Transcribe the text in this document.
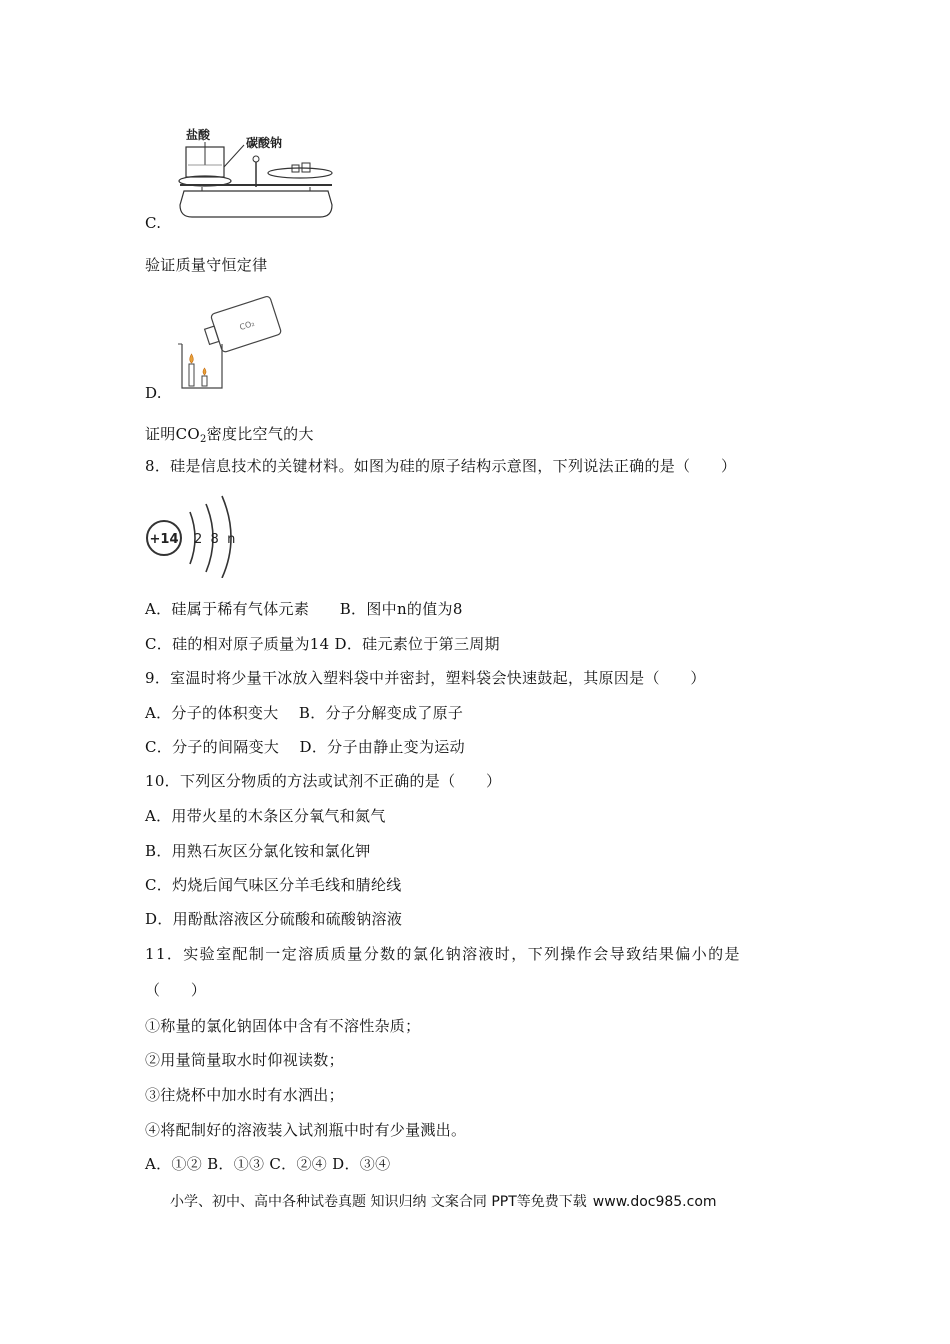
盐酸
碳酸钠
C.
验证质量守恒定律
CO₂
D.
证明$CO_2$密度比空气的大
8．硅是信息技术的关键材料。如图为硅的原子结构示意图，下列说法正确的是（　　）
+14 2  8  n
A．硅属于稀有气体元素　　B．图中n的值为8
C．硅的相对原子质量为14 D．硅元素位于第三周期
9．室温时将少量干冰放入塑料袋中并密封，塑料袋会快速鼓起，其原因是（　　）
A．分子的体积变大　 B．分子分解变成了原子
C．分子的间隔变大　 D．分子由静止变为运动
10．下列区分物质的方法或试剂不正确的是（　　）
A．用带火星的木条区分氧气和氮气
B．用熟石灰区分氯化铵和氯化钾
C．灼烧后闻气味区分羊毛线和腈纶线
D．用酚酞溶液区分硫酸和硫酸钠溶液
11．实验室配制一定溶质质量分数的氯化钠溶液时，下列操作会导致结果偏小的是
（　　）
①称量的氯化钠固体中含有不溶性杂质；
②用量筒量取水时仰视读数；
③往烧杯中加水时有水洒出；
④将配制好的溶液装入试剂瓶中时有少量溅出。
A．①② B．①③ C．②④ D．③④
小学、初中、高中各种试卷真题 知识归纳 文案合同 PPT等免费下载 www.doc985.com
